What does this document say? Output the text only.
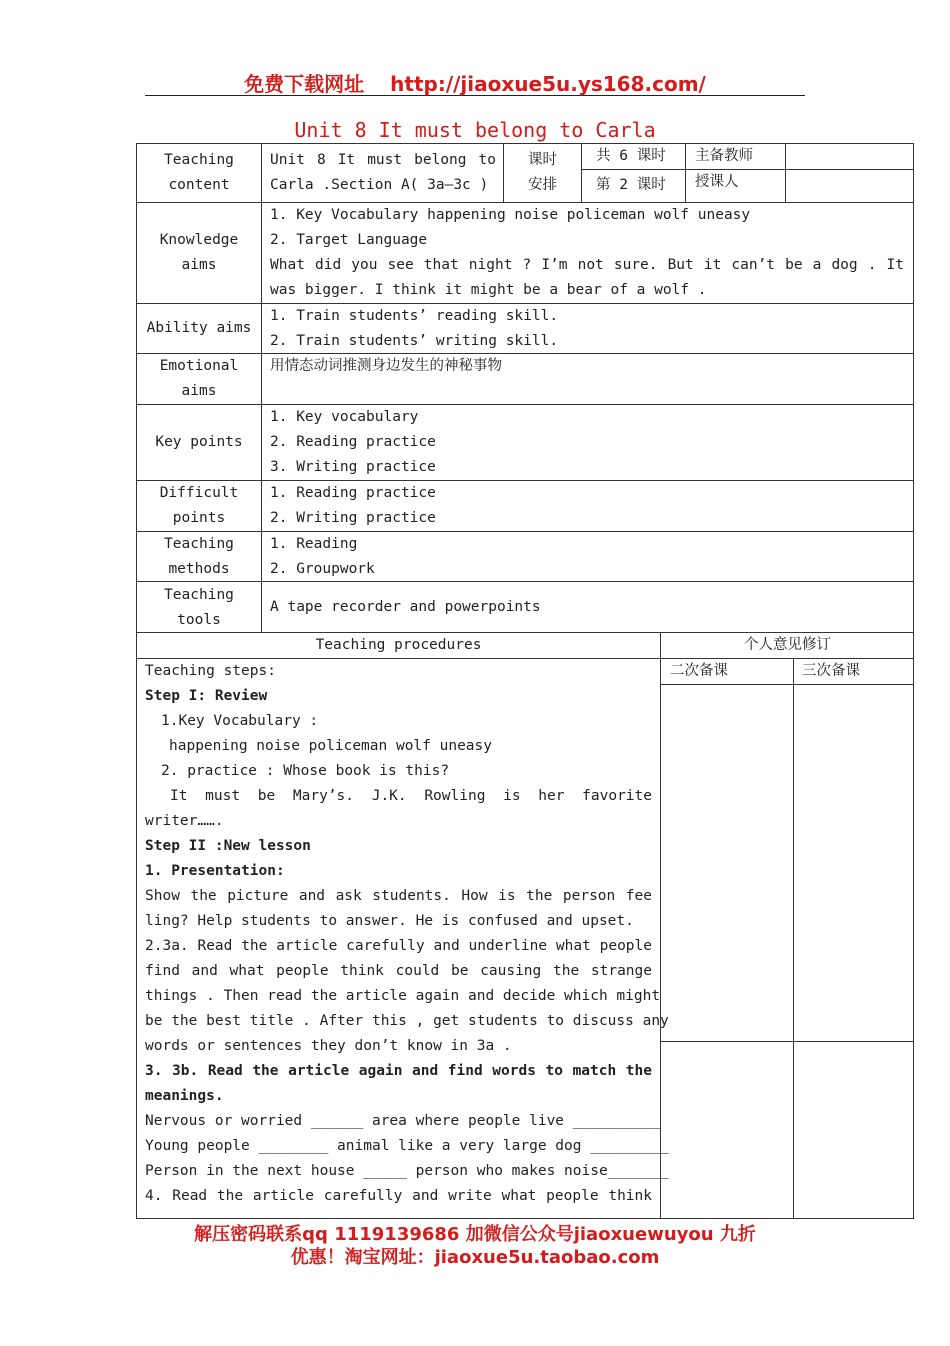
免费下载网址 http://jiaoxue5u.ys168.com/
Unit 8 It must belong to Carla
Teaching
content
Unit 8 It must belong to
Carla .Section A( 3a—3c )
课时
安排
共 6 课时
第 2 课时
主备教师
授课人
Knowledge
aims
1. Key Vocabulary happening noise policeman wolf uneasy
2. Target Language
What did you see that night ? I’m not sure. But it can’t be a dog . It
was bigger. I think it might be a bear of a wolf .
Ability aims
1. Train students’ reading skill.
2. Train students’ writing skill.
Emotional
aims
用情态动词推测身边发生的神秘事物
Key points
1. Key vocabulary
2. Reading practice
3. Writing practice
Difficult
points
1. Reading practice
2. Writing practice
Teaching
methods
1. Reading
2. Groupwork
Teaching
tools
A tape recorder and powerpoints
Teaching procedures	个人意见修订
二次备课	三次备课
Teaching steps:
Step I: Review
1.Key Vocabulary :
happening noise policeman wolf uneasy
2. practice : Whose book is this?
It must be Mary’s. J.K. Rowling is her favorite
writer…….
Step II :New lesson
1. Presentation:
Show the picture and ask students. How is the person fee
ling? Help students to answer. He is confused and upset.
2.3a. Read the article carefully and underline what people
find and what people think could be causing the strange
things . Then read the article again and decide which might
be the best title . After this , get students to discuss any
words or sentences they don’t know in 3a .
3. 3b. Read the article again and find words to match the
meanings.
Nervous or worried ______ area where people live __________
Young people ________ animal like a very large dog _________
Person in the next house _____ person who makes noise_______
4. Read the article carefully and write what people think
解压密码联系qq 1119139686 加微信公众号jiaoxuewuyou 九折
优惠！淘宝网址：jiaoxue5u.taobao.com
